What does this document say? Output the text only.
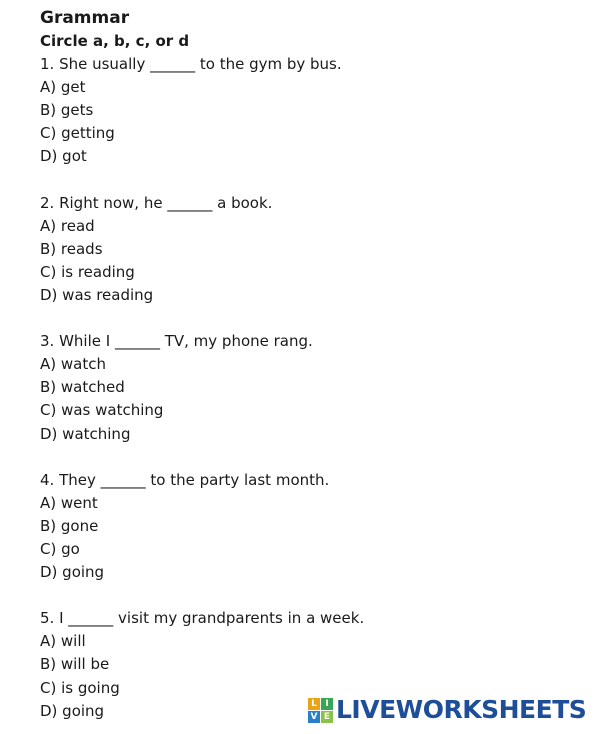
Grammar
Circle a, b, c, or d
1. She usually ______ to the gym by bus.
A) get
B) gets
C) getting
D) got
2. Right now, he ______ a book.
A) read
B) reads
C) is reading
D) was reading
3. While I ______ TV, my phone rang.
A) watch
B) watched
C) was watching
D) watching
4. They ______ to the party last month.
A) went
B) gone
C) go
D) going
5. I ______ visit my grandparents in a week.
A) will
B) will be
C) is going
D) going	L I
V E LIVEWORKSHEETS
